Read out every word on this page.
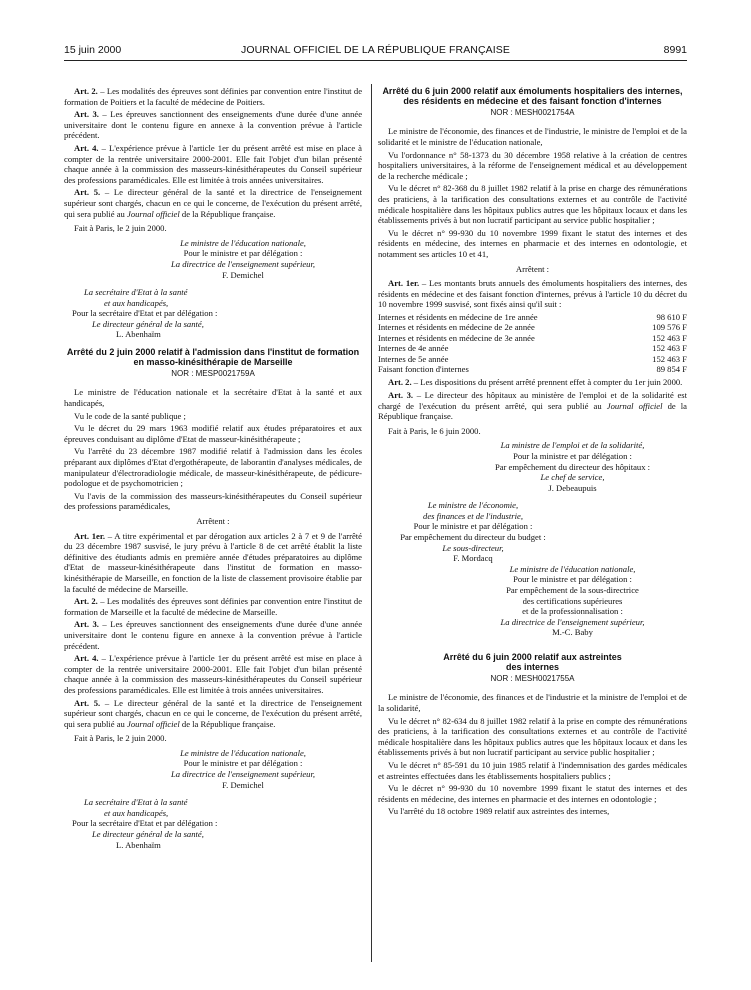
15 juin 2000	JOURNAL OFFICIEL DE LA RÉPUBLIQUE FRANÇAISE	8991

Art. 2. – Les modalités des épreuves sont définies par convention entre l'institut de formation de Poitiers et la faculté de médecine de Poitiers.

Art. 3. – Les épreuves sanctionnent des enseignements d'une durée d'une année universitaire dont le contenu figure en annexe à la convention prévue à l'article précédent.

Art. 4. – L'expérience prévue à l'article 1er du présent arrêté est mise en place à compter de la rentrée universitaire 2000-2001. Elle fait l'objet d'un bilan présenté chaque année à la commission des masseurs-kinésithérapeutes du Conseil supérieur des professions paramédicales. Elle est limitée à trois années universitaires.

Art. 5. – Le directeur général de la santé et la directrice de l'enseignement supérieur sont chargés, chacun en ce qui le concerne, de l'exécution du présent arrêté, qui sera publié au Journal officiel de la République française.

Fait à Paris, le 2 juin 2000.

Le ministre de l'éducation nationale,

Pour le ministre et par délégation :

La directrice de l'enseignement supérieur,

F. Demichel

La secrétaire d'Etat à la santé

et aux handicapés,

Pour la secrétaire d'Etat et par délégation :

Le directeur général de la santé,

L. Abenhaïm

Arrêté du 2 juin 2000 relatif à l'admission dans l'institut de formation en masso-kinésithérapie de Marseille

NOR : MESP0021759A

Le ministre de l'éducation nationale et la secrétaire d'Etat à la santé et aux handicapés,

Vu le code de la santé publique ;

Vu le décret du 29 mars 1963 modifié relatif aux études préparatoires et aux épreuves conduisant au diplôme d'Etat de masseur-kinésithérapeute ;

Vu l'arrêté du 23 décembre 1987 modifié relatif à l'admission dans les écoles préparant aux diplômes d'Etat d'ergothérapeute, de laborantin d'analyses médicales, de manipulateur d'électroradiologie médicale, de masseur-kinésithérapeute, de pédicure-podologue et de psychomotricien ;

Vu l'avis de la commission des masseurs-kinésithérapeutes du Conseil supérieur des professions paramédicales,

Arrêtent :

Art. 1er. – A titre expérimental et par dérogation aux articles 2 à 7 et 9 de l'arrêté du 23 décembre 1987 susvisé, le jury prévu à l'article 8 de cet arrêté établit la liste définitive des étudiants admis en première année d'études préparatoires au diplôme d'Etat de masseur-kinésithérapeute dans l'institut de formation en masso-kinésithérapie de Marseille, en fonction de la liste de classement provisoire établie par la faculté de médecine de Marseille.

Art. 2. – Les modalités des épreuves sont définies par convention entre l'institut de formation de Marseille et la faculté de médecine de Marseille.

Art. 3. – Les épreuves sanctionnent des enseignements d'une durée d'une année universitaire dont le contenu figure en annexe à la convention prévue à l'article précédent.

Art. 4. – L'expérience prévue à l'article 1er du présent arrêté est mise en place à compter de la rentrée universitaire 2000-2001. Elle fait l'objet d'un bilan présenté chaque année à la commission des masseurs-kinésithérapeutes du Conseil supérieur des professions paramédicales. Elle est limitée à trois années universitaires.

Art. 5. – Le directeur général de la santé et la directrice de l'enseignement supérieur sont chargés, chacun en ce qui le concerne, de l'exécution du présent arrêté, qui sera publié au Journal officiel de la République française.

Fait à Paris, le 2 juin 2000.

Le ministre de l'éducation nationale,

Pour le ministre et par délégation :

La directrice de l'enseignement supérieur,

F. Demichel

La secrétaire d'Etat à la santé

et aux handicapés,

Pour la secrétaire d'Etat et par délégation :

Le directeur général de la santé,

L. Abenhaïm

Arrêté du 6 juin 2000 relatif aux émoluments hospitaliers des internes, des résidents en médecine et des faisant fonction d'internes

NOR : MESH0021754A

Le ministre de l'économie, des finances et de l'industrie, le ministre de l'emploi et de la solidarité et le ministre de l'éducation nationale,

Vu l'ordonnance n° 58-1373 du 30 décembre 1958 relative à la création de centres hospitaliers universitaires, à la réforme de l'enseignement médical et au développement de la recherche médicale ;

Vu le décret n° 82-368 du 8 juillet 1982 relatif à la prise en charge des rémunérations des praticiens, à la tarification des consultations externes et au contrôle de l'activité médicale hospitalière dans les hôpitaux publics autres que les hôpitaux locaux et dans les établissements privés à but non lucratif participant au service public hospitalier ;

Vu le décret n° 99-930 du 10 novembre 1999 fixant le statut des internes et des résidents en médecine, des internes en pharmacie et des internes en odontologie, et notamment ses articles 10 et 41,

Arrêtent :

Art. 1er. – Les montants bruts annuels des émoluments hospitaliers des internes, des résidents en médecine et des faisant fonction d'internes, prévus à l'article 10 du décret du 10 novembre 1999 susvisé, sont fixés ainsi qu'il suit :

Internes et résidents en médecine de 1re année	98 610 F
Internes et résidents en médecine de 2e année	109 576 F
Internes et résidents en médecine de 3e année	152 463 F
Internes de 4e année	152 463 F
Internes de 5e année	152 463 F
Faisant fonction d'internes	89 854 F

Art. 2. – Les dispositions du présent arrêté prennent effet à compter du 1er juin 2000.

Art. 3. – Le directeur des hôpitaux au ministère de l'emploi et de la solidarité est chargé de l'exécution du présent arrêté, qui sera publié au Journal officiel de la République française.

Fait à Paris, le 6 juin 2000.

La ministre de l'emploi et de la solidarité,

Pour la ministre et par délégation :

Par empêchement du directeur des hôpitaux :

Le chef de service,

J. Debeaupuis

Le ministre de l'économie,

des finances et de l'industrie,

Pour le ministre et par délégation :

Par empêchement du directeur du budget :

Le sous-directeur,

F. Mordacq

Le ministre de l'éducation nationale,

Pour le ministre et par délégation :

Par empêchement de la sous-directrice

des certifications supérieures

et de la professionnalisation :

La directrice de l'enseignement supérieur,

M.-C. Baby

Arrêté du 6 juin 2000 relatif aux astreintes des internes

NOR : MESH0021755A

Le ministre de l'économie, des finances et de l'industrie et la ministre de l'emploi et de la solidarité,

Vu le décret n° 82-634 du 8 juillet 1982 relatif à la prise en compte des rémunérations des praticiens, à la tarification des consultations externes et au contrôle de l'activité médicale hospitalière dans les hôpitaux publics autres que les hôpitaux locaux et dans les établissements privés à but non lucratif participant au service public hospitalier ;

Vu le décret n° 85-591 du 10 juin 1985 relatif à l'indemnisation des gardes médicales et astreintes effectuées dans les établissements hospitaliers publics ;

Vu le décret n° 99-930 du 10 novembre 1999 fixant le statut des internes et des résidents en médecine, des internes en pharmacie et des internes en odontologie ;

Vu l'arrêté du 18 octobre 1989 relatif aux astreintes des internes,
